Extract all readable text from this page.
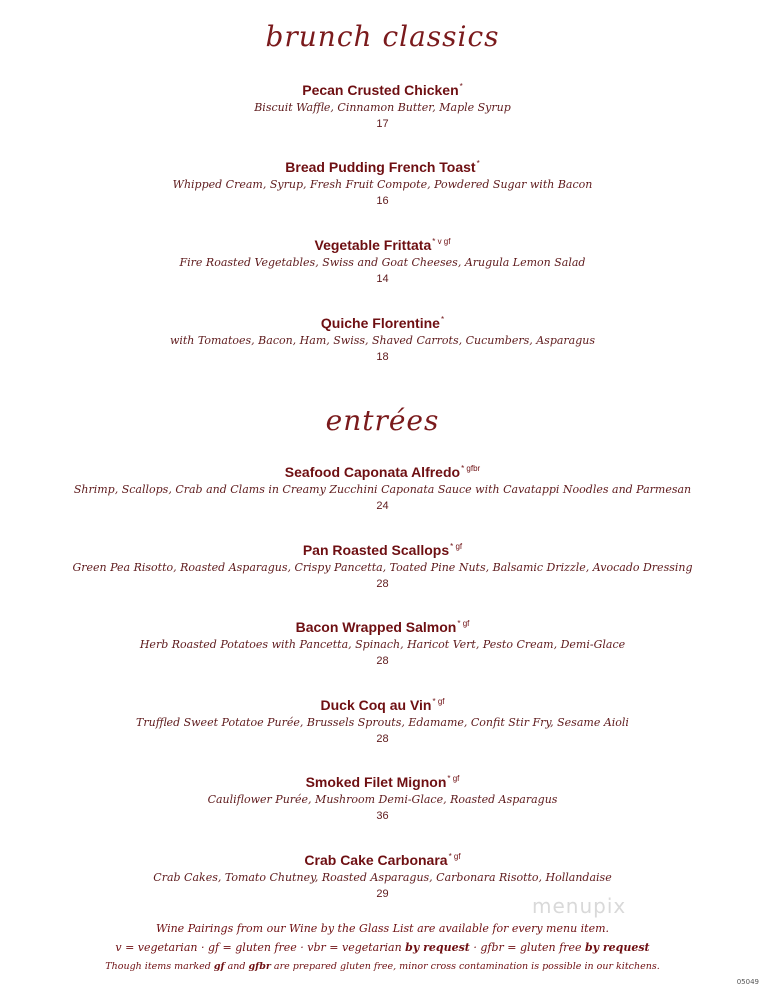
brunch classics
Pecan Crusted Chicken*
Biscuit Waffle, Cinnamon Butter, Maple Syrup
17
Bread Pudding French Toast*
Whipped Cream, Syrup, Fresh Fruit Compote, Powdered Sugar with Bacon
16
Vegetable Frittata$^{* v gf}$
Fire Roasted Vegetables, Swiss and Goat Cheeses, Arugula Lemon Salad
14
Quiche Florentine*
with Tomatoes, Bacon, Ham, Swiss, Shaved Carrots, Cucumbers, Asparagus
18
entrées
Seafood Caponata Alfredo$^{* gfbr}$
Shrimp, Scallops, Crab and Clams in Creamy Zucchini Caponata Sauce with Cavatappi Noodles and Parmesan
24
Pan Roasted Scallops$^{* gf}$
Green Pea Risotto, Roasted Asparagus, Crispy Pancetta, Toated Pine Nuts, Balsamic Drizzle, Avocado Dressing
28
Bacon Wrapped Salmon$^{* gf}$
Herb Roasted Potatoes with Pancetta, Spinach, Haricot Vert, Pesto Cream, Demi-Glace
28
Duck Coq au Vin$^{* gf}$
Truffled Sweet Potatoe Purée, Brussels Sprouts, Edamame, Confit Stir Fry, Sesame Aioli
28
Smoked Filet Mignon$^{* gf}$
Cauliflower Purée, Mushroom Demi-Glace, Roasted Asparagus
36
Crab Cake Carbonara$^{* gf}$
Crab Cakes, Tomato Chutney, Roasted Asparagus, Carbonara Risotto, Hollandaise
29	menupix
Wine Pairings from our Wine by the Glass List are available for every menu item.
v = vegetarian · gf = gluten free · vbr = vegetarian by request · gfbr = gluten free by request
Though items marked gf and gfbr are prepared gluten free, minor cross contamination is possible in our kitchens.
05049
